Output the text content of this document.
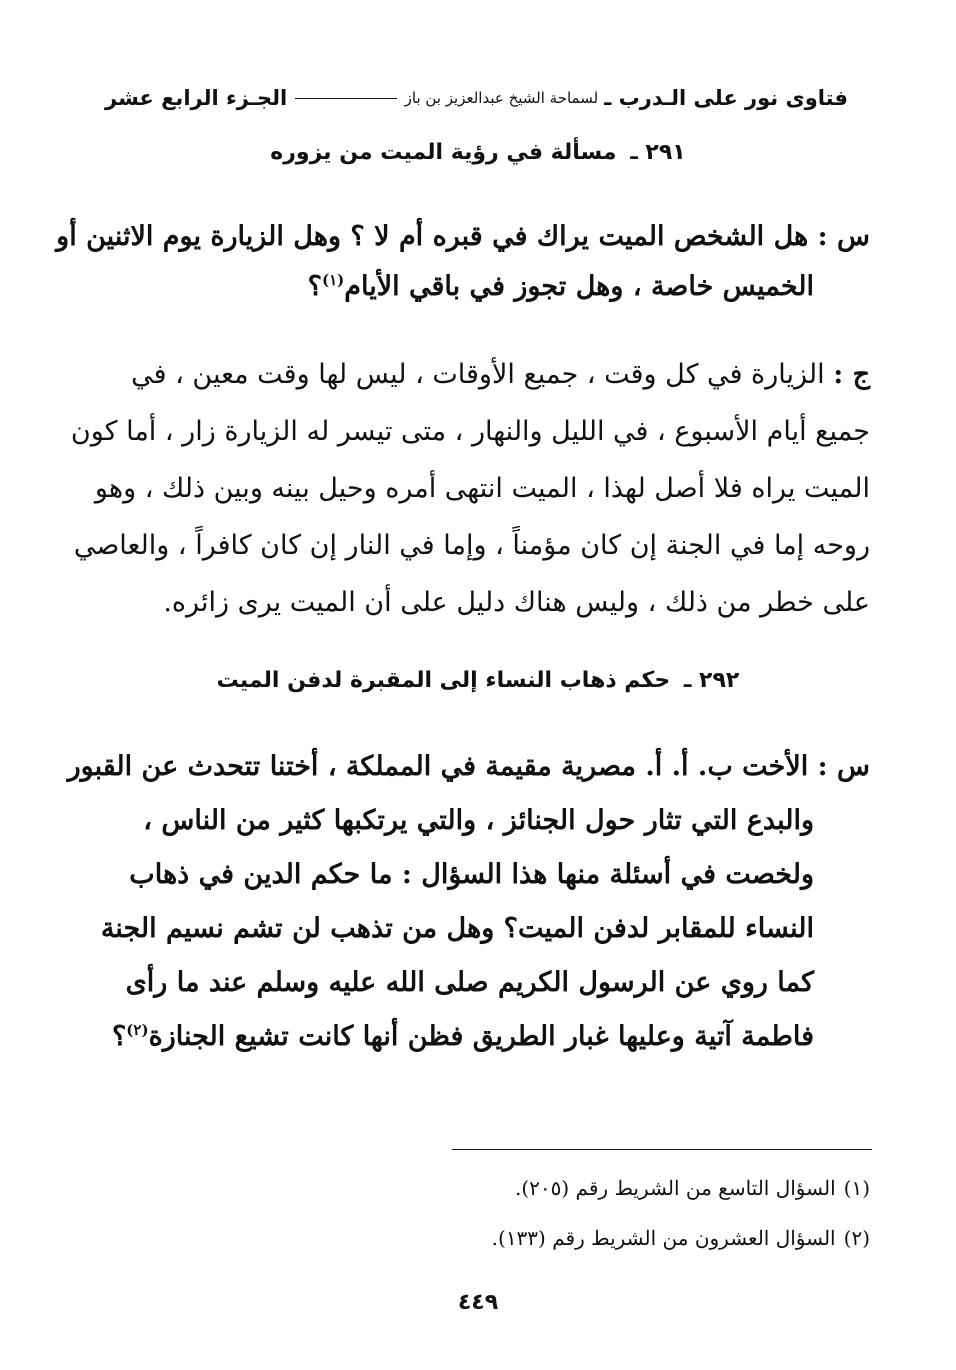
فتاوى نور على الـدرب ـ
لسماحة الشيخ عبدالعزيز بن باز
الجـزء الرابع عشر
٢٩١ ـ مسألة في رؤية الميت من يزوره
س : هل الشخص الميت يراك في قبره أم لا ؟ وهل الزيارة يوم الاثنين أو
الخميس خاصة ، وهل تجوز في باقي الأيام$^{(١)}$؟
ج : الزيارة في كل وقت ، جميع الأوقات ، ليس لها وقت معين ، في
جميع أيام الأسبوع ، في الليل والنهار ، متى تيسر له الزيارة زار ، أما كون
الميت يراه فلا أصل لهذا ، الميت انتهى أمره وحيل بينه وبين ذلك ، وهو
روحه إما في الجنة إن كان مؤمناً ، وإما في النار إن كان كافراً ، والعاصي
على خطر من ذلك ، وليس هناك دليل على أن الميت يرى زائره.
٢٩٢ ـ حكم ذهاب النساء إلى المقبرة لدفن الميت
س : الأخت ب. أ. أ. مصرية مقيمة في المملكة ، أختنا تتحدث عن القبور
والبدع التي تثار حول الجنائز ، والتي يرتكبها كثير من الناس ،
ولخصت في أسئلة منها هذا السؤال : ما حكم الدين في ذهاب
النساء للمقابر لدفن الميت؟ وهل من تذهب لن تشم نسيم الجنة
كما روي عن الرسول الكريم صلى الله عليه وسلم عند ما رأى
فاطمة آتية وعليها غبار الطريق فظن أنها كانت تشيع الجنازة$^{(٢)}$؟
(١)السؤال التاسع من الشريط رقم (٢٠٥).
(٢)السؤال العشرون من الشريط رقم (١٣٣).
٤٤٩
